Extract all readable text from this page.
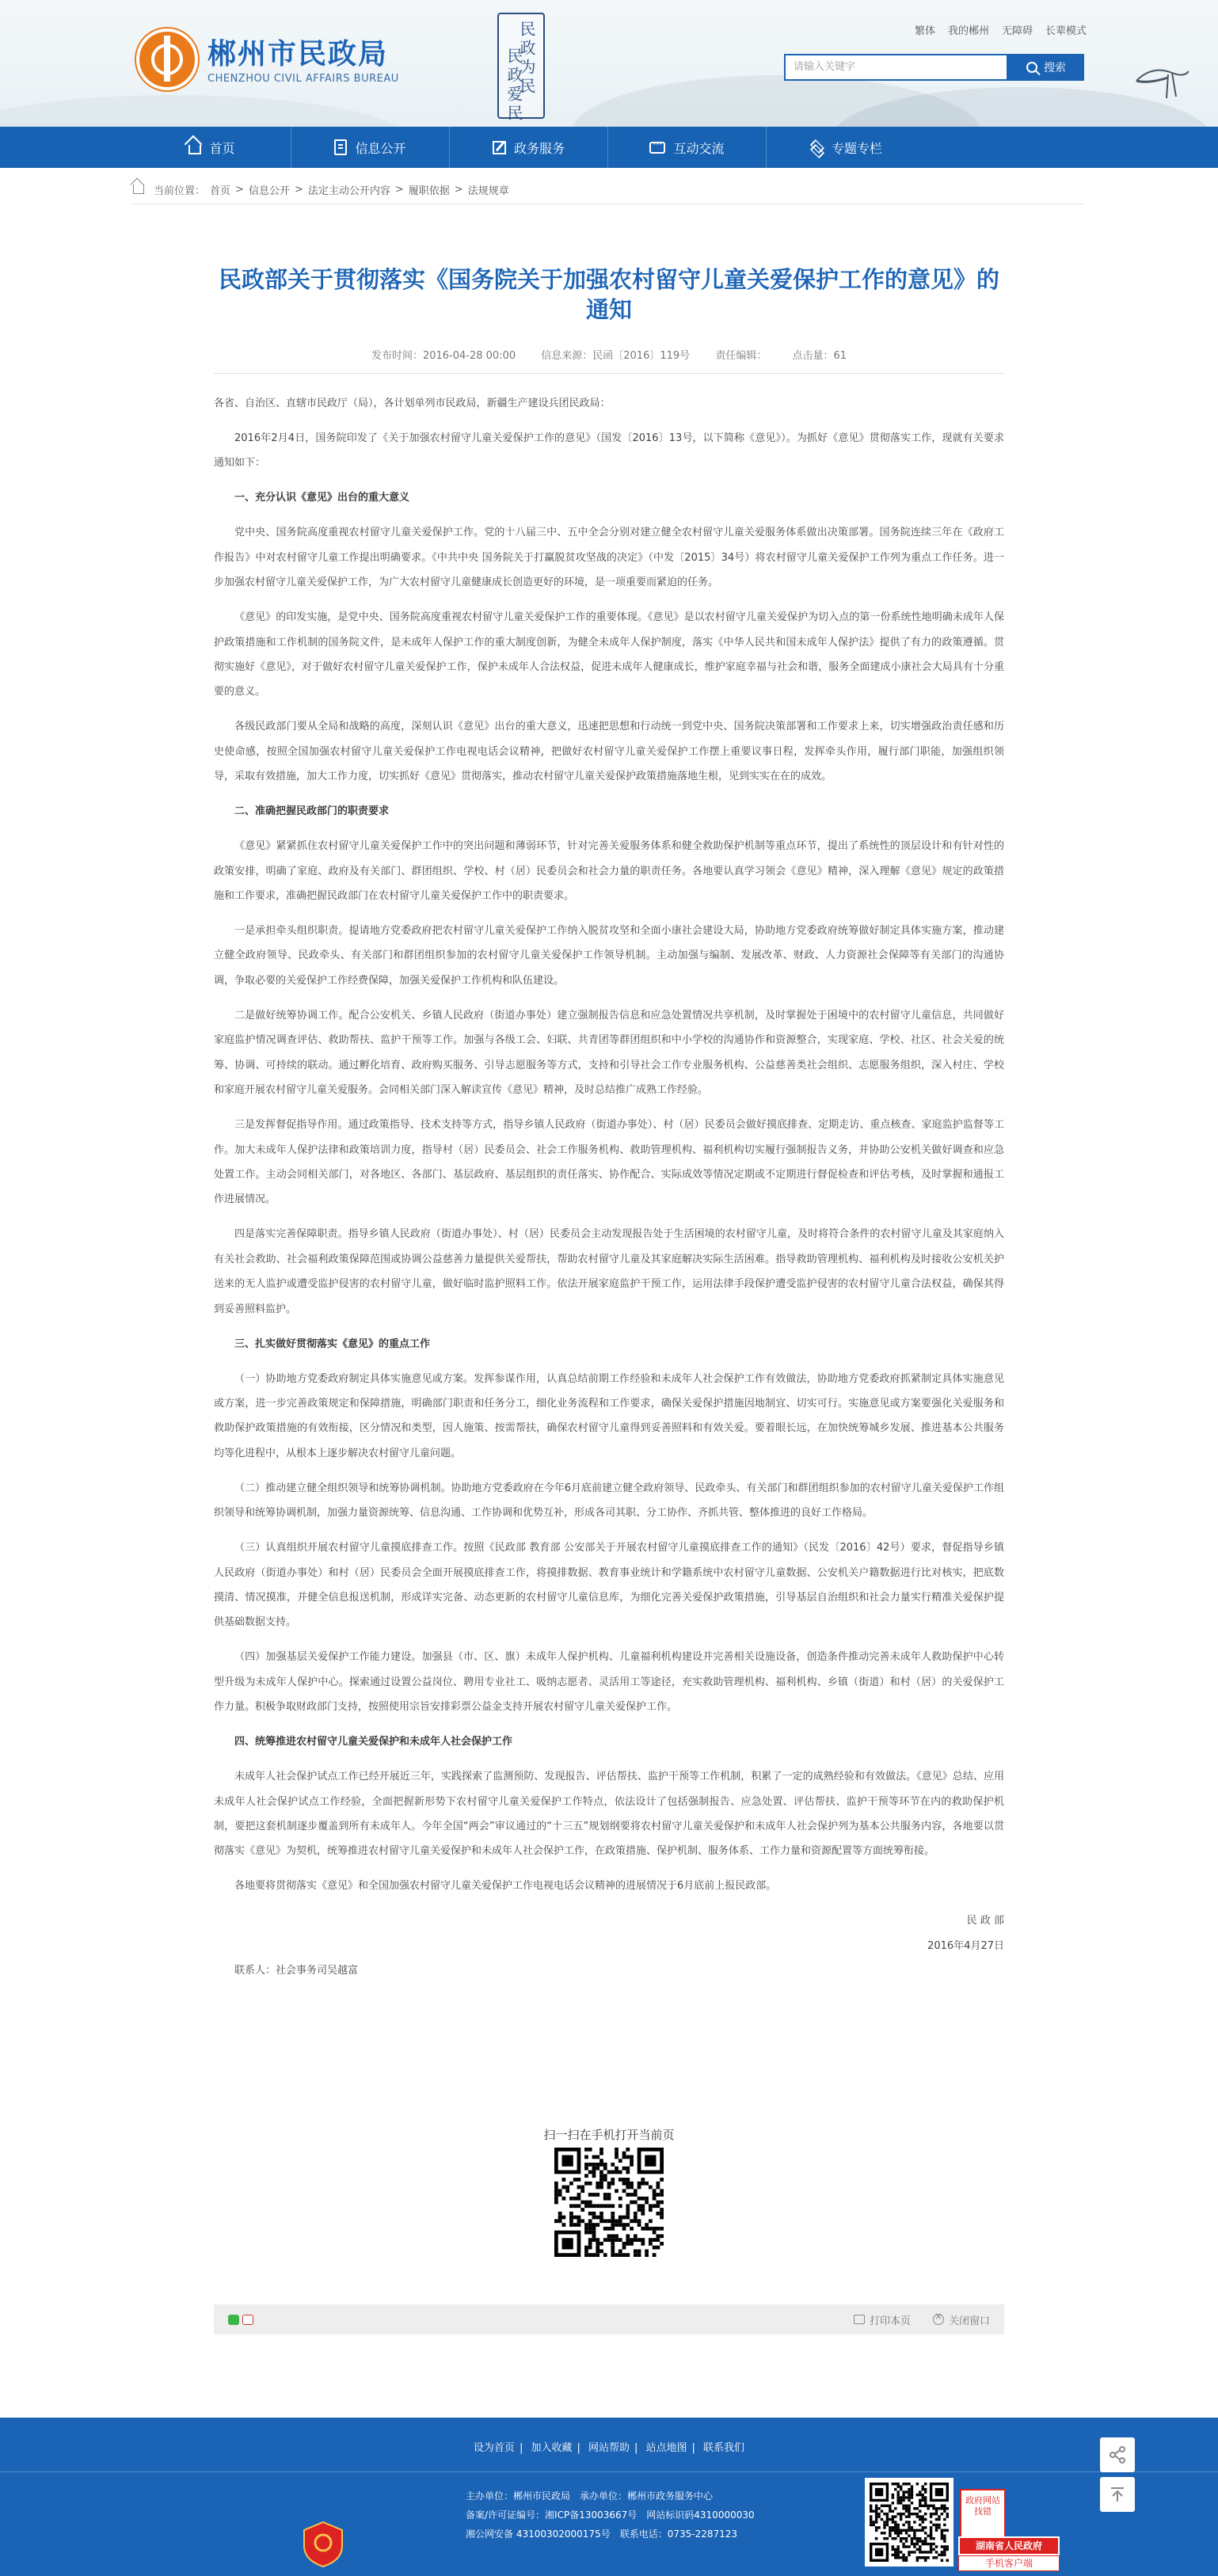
郴州市民政局
CHENZHOU CIVIL AFFAIRS BUREAU	民政为民
民政爱民
繁体 我的郴州 无障碍 长辈模式
请输入关键字	搜索
首页	信息公开	政务服务 ···	互动交流	专题专栏
当前位置： 首页 > 信息公开 > 法定主动公开内容 > 履职依据 > 法规规章
民政部关于贯彻落实《国务院关于加强农村留守儿童关爱保护工作的意见》的通知
发布时间：2016-04-28 00:00 信息来源：民函〔2016〕119号 责任编辑： 点击量：61

各省、自治区、直辖市民政厅（局），各计划单列市民政局，新疆生产建设兵团民政局：

2016年2月4日，国务院印发了《关于加强农村留守儿童关爱保护工作的意见》（国发〔2016〕13号，以下简称《意见》）。为抓好《意见》贯彻落实工作，现就有关要求通知如下：

一、充分认识《意见》出台的重大意义

党中央、国务院高度重视农村留守儿童关爱保护工作。党的十八届三中、五中全会分别对建立健全农村留守儿童关爱服务体系做出决策部署。国务院连续三年在《政府工作报告》中对农村留守儿童工作提出明确要求。《中共中央 国务院关于打赢脱贫攻坚战的决定》（中发〔2015〕34号）将农村留守儿童关爱保护工作列为重点工作任务。进一步加强农村留守儿童关爱保护工作，为广大农村留守儿童健康成长创造更好的环境，是一项重要而紧迫的任务。

《意见》的印发实施，是党中央、国务院高度重视农村留守儿童关爱保护工作的重要体现。《意见》是以农村留守儿童关爱保护为切入点的第一份系统性地明确未成年人保护政策措施和工作机制的国务院文件，是未成年人保护工作的重大制度创新，为健全未成年人保护制度，落实《中华人民共和国未成年人保护法》提供了有力的政策遵循。贯彻实施好《意见》，对于做好农村留守儿童关爱保护工作，保护未成年人合法权益，促进未成年人健康成长，维护家庭幸福与社会和谐，服务全面建成小康社会大局具有十分重要的意义。

各级民政部门要从全局和战略的高度，深刻认识《意见》出台的重大意义，迅速把思想和行动统一到党中央、国务院决策部署和工作要求上来，切实增强政治责任感和历史使命感，按照全国加强农村留守儿童关爱保护工作电视电话会议精神，把做好农村留守儿童关爱保护工作摆上重要议事日程，发挥牵头作用，履行部门职能，加强组织领导，采取有效措施，加大工作力度，切实抓好《意见》贯彻落实，推动农村留守儿童关爱保护政策措施落地生根，见到实实在在的成效。

二、准确把握民政部门的职责要求

《意见》紧紧抓住农村留守儿童关爱保护工作中的突出问题和薄弱环节，针对完善关爱服务体系和健全救助保护机制等重点环节，提出了系统性的顶层设计和有针对性的政策安排，明确了家庭、政府及有关部门、群团组织、学校、村（居）民委员会和社会力量的职责任务。各地要认真学习领会《意见》精神，深入理解《意见》规定的政策措施和工作要求，准确把握民政部门在农村留守儿童关爱保护工作中的职责要求。

一是承担牵头组织职责。提请地方党委政府把农村留守儿童关爱保护工作纳入脱贫攻坚和全面小康社会建设大局，协助地方党委政府统筹做好制定具体实施方案，推动建立健全政府领导、民政牵头、有关部门和群团组织参加的农村留守儿童关爱保护工作领导机制。主动加强与编制、发展改革、财政、人力资源社会保障等有关部门的沟通协调，争取必要的关爱保护工作经费保障，加强关爱保护工作机构和队伍建设。

二是做好统筹协调工作。配合公安机关、乡镇人民政府（街道办事处）建立强制报告信息和应急处置情况共享机制，及时掌握处于困境中的农村留守儿童信息，共同做好家庭监护情况调查评估、救助帮扶、监护干预等工作。加强与各级工会、妇联、共青团等群团组织和中小学校的沟通协作和资源整合，实现家庭、学校、社区、社会关爱的统筹、协调、可持续的联动。通过孵化培育、政府购买服务、引导志愿服务等方式，支持和引导社会工作专业服务机构、公益慈善类社会组织、志愿服务组织，深入村庄、学校和家庭开展农村留守儿童关爱服务。会同相关部门深入解读宣传《意见》精神，及时总结推广成熟工作经验。

三是发挥督促指导作用。通过政策指导、技术支持等方式，指导乡镇人民政府（街道办事处）、村（居）民委员会做好摸底排查、定期走访、重点核查、家庭监护监督等工作。加大未成年人保护法律和政策培训力度，指导村（居）民委员会、社会工作服务机构、救助管理机构、福利机构切实履行强制报告义务，并协助公安机关做好调查和应急处置工作。主动会同相关部门，对各地区、各部门、基层政府、基层组织的责任落实、协作配合、实际成效等情况定期或不定期进行督促检查和评估考核，及时掌握和通报工作进展情况。

四是落实完善保障职责。指导乡镇人民政府（街道办事处）、村（居）民委员会主动发现报告处于生活困境的农村留守儿童，及时将符合条件的农村留守儿童及其家庭纳入有关社会救助、社会福利政策保障范围或协调公益慈善力量提供关爱帮扶，帮助农村留守儿童及其家庭解决实际生活困难。指导救助管理机构、福利机构及时接收公安机关护送来的无人监护或遭受监护侵害的农村留守儿童，做好临时监护照料工作。依法开展家庭监护干预工作，运用法律手段保护遭受监护侵害的农村留守儿童合法权益，确保其得到妥善照料监护。

三、扎实做好贯彻落实《意见》的重点工作

（一）协助地方党委政府制定具体实施意见或方案。发挥参谋作用，认真总结前期工作经验和未成年人社会保护工作有效做法，协助地方党委政府抓紧制定具体实施意见或方案，进一步完善政策规定和保障措施，明确部门职责和任务分工，细化业务流程和工作要求，确保关爱保护措施因地制宜、切实可行。实施意见或方案要强化关爱服务和救助保护政策措施的有效衔接，区分情况和类型，因人施策、按需帮扶，确保农村留守儿童得到妥善照料和有效关爱。要着眼长远，在加快统筹城乡发展、推进基本公共服务均等化进程中，从根本上逐步解决农村留守儿童问题。

（二）推动建立健全组织领导和统筹协调机制。协助地方党委政府在今年6月底前建立健全政府领导、民政牵头、有关部门和群团组织参加的农村留守儿童关爱保护工作组织领导和统筹协调机制，加强力量资源统筹、信息沟通、工作协调和优势互补，形成各司其职、分工协作、齐抓共管、整体推进的良好工作格局。

（三）认真组织开展农村留守儿童摸底排查工作。按照《民政部 教育部 公安部关于开展农村留守儿童摸底排查工作的通知》（民发〔2016〕42号）要求，督促指导乡镇人民政府（街道办事处）和村（居）民委员会全面开展摸底排查工作，将摸排数据、教育事业统计和学籍系统中农村留守儿童数据、公安机关户籍数据进行比对核实，把底数摸清、情况摸准，并健全信息报送机制，形成详实完备、动态更新的农村留守儿童信息库，为细化完善关爱保护政策措施，引导基层自治组织和社会力量实行精准关爱保护提供基础数据支持。

（四）加强基层关爱保护工作能力建设。加强县（市、区、旗）未成年人保护机构、儿童福利机构建设并完善相关设施设备，创造条件推动完善未成年人救助保护中心转型升级为未成年人保护中心。探索通过设置公益岗位、聘用专业社工、吸纳志愿者、灵活用工等途径，充实救助管理机构、福利机构、乡镇（街道）和村（居）的关爱保护工作力量。积极争取财政部门支持，按照使用宗旨安排彩票公益金支持开展农村留守儿童关爱保护工作。

四、统筹推进农村留守儿童关爱保护和未成年人社会保护工作

未成年人社会保护试点工作已经开展近三年，实践探索了监测预防、发现报告、评估帮扶、监护干预等工作机制，积累了一定的成熟经验和有效做法。《意见》总结、应用未成年人社会保护试点工作经验，全面把握新形势下农村留守儿童关爱保护工作特点，依法设计了包括强制报告、应急处置、评估帮扶、监护干预等环节在内的救助保护机制，要把这套机制逐步覆盖到所有未成年人。今年全国“两会”审议通过的“十三五”规划纲要将农村留守儿童关爱保护和未成年人社会保护列为基本公共服务内容，各地要以贯彻落实《意见》为契机，统筹推进农村留守儿童关爱保护和未成年人社会保护工作，在政策措施、保护机制、服务体系、工作力量和资源配置等方面统筹衔接。

各地要将贯彻落实《意见》和全国加强农村留守儿童关爱保护工作电视电话会议精神的进展情况于6月底前上报民政部。

民 政 部

2016年4月27日

联系人：社会事务司吴越富

扫一扫在手机打开当前页
打印本页 ×	关闭窗口
设为首页 | 加入收藏 | 网站帮助 | 站点地图 | 联系我们
主办单位：郴州市民政局　承办单位：郴州市政务服务中心
备案/许可证编号：湘ICP备13003667号　网站标识码4310000030
湘公网安备 43100302000175号　联系电话：0735-2287123
政府网站找错
湖南省人民政府
手机客户端
